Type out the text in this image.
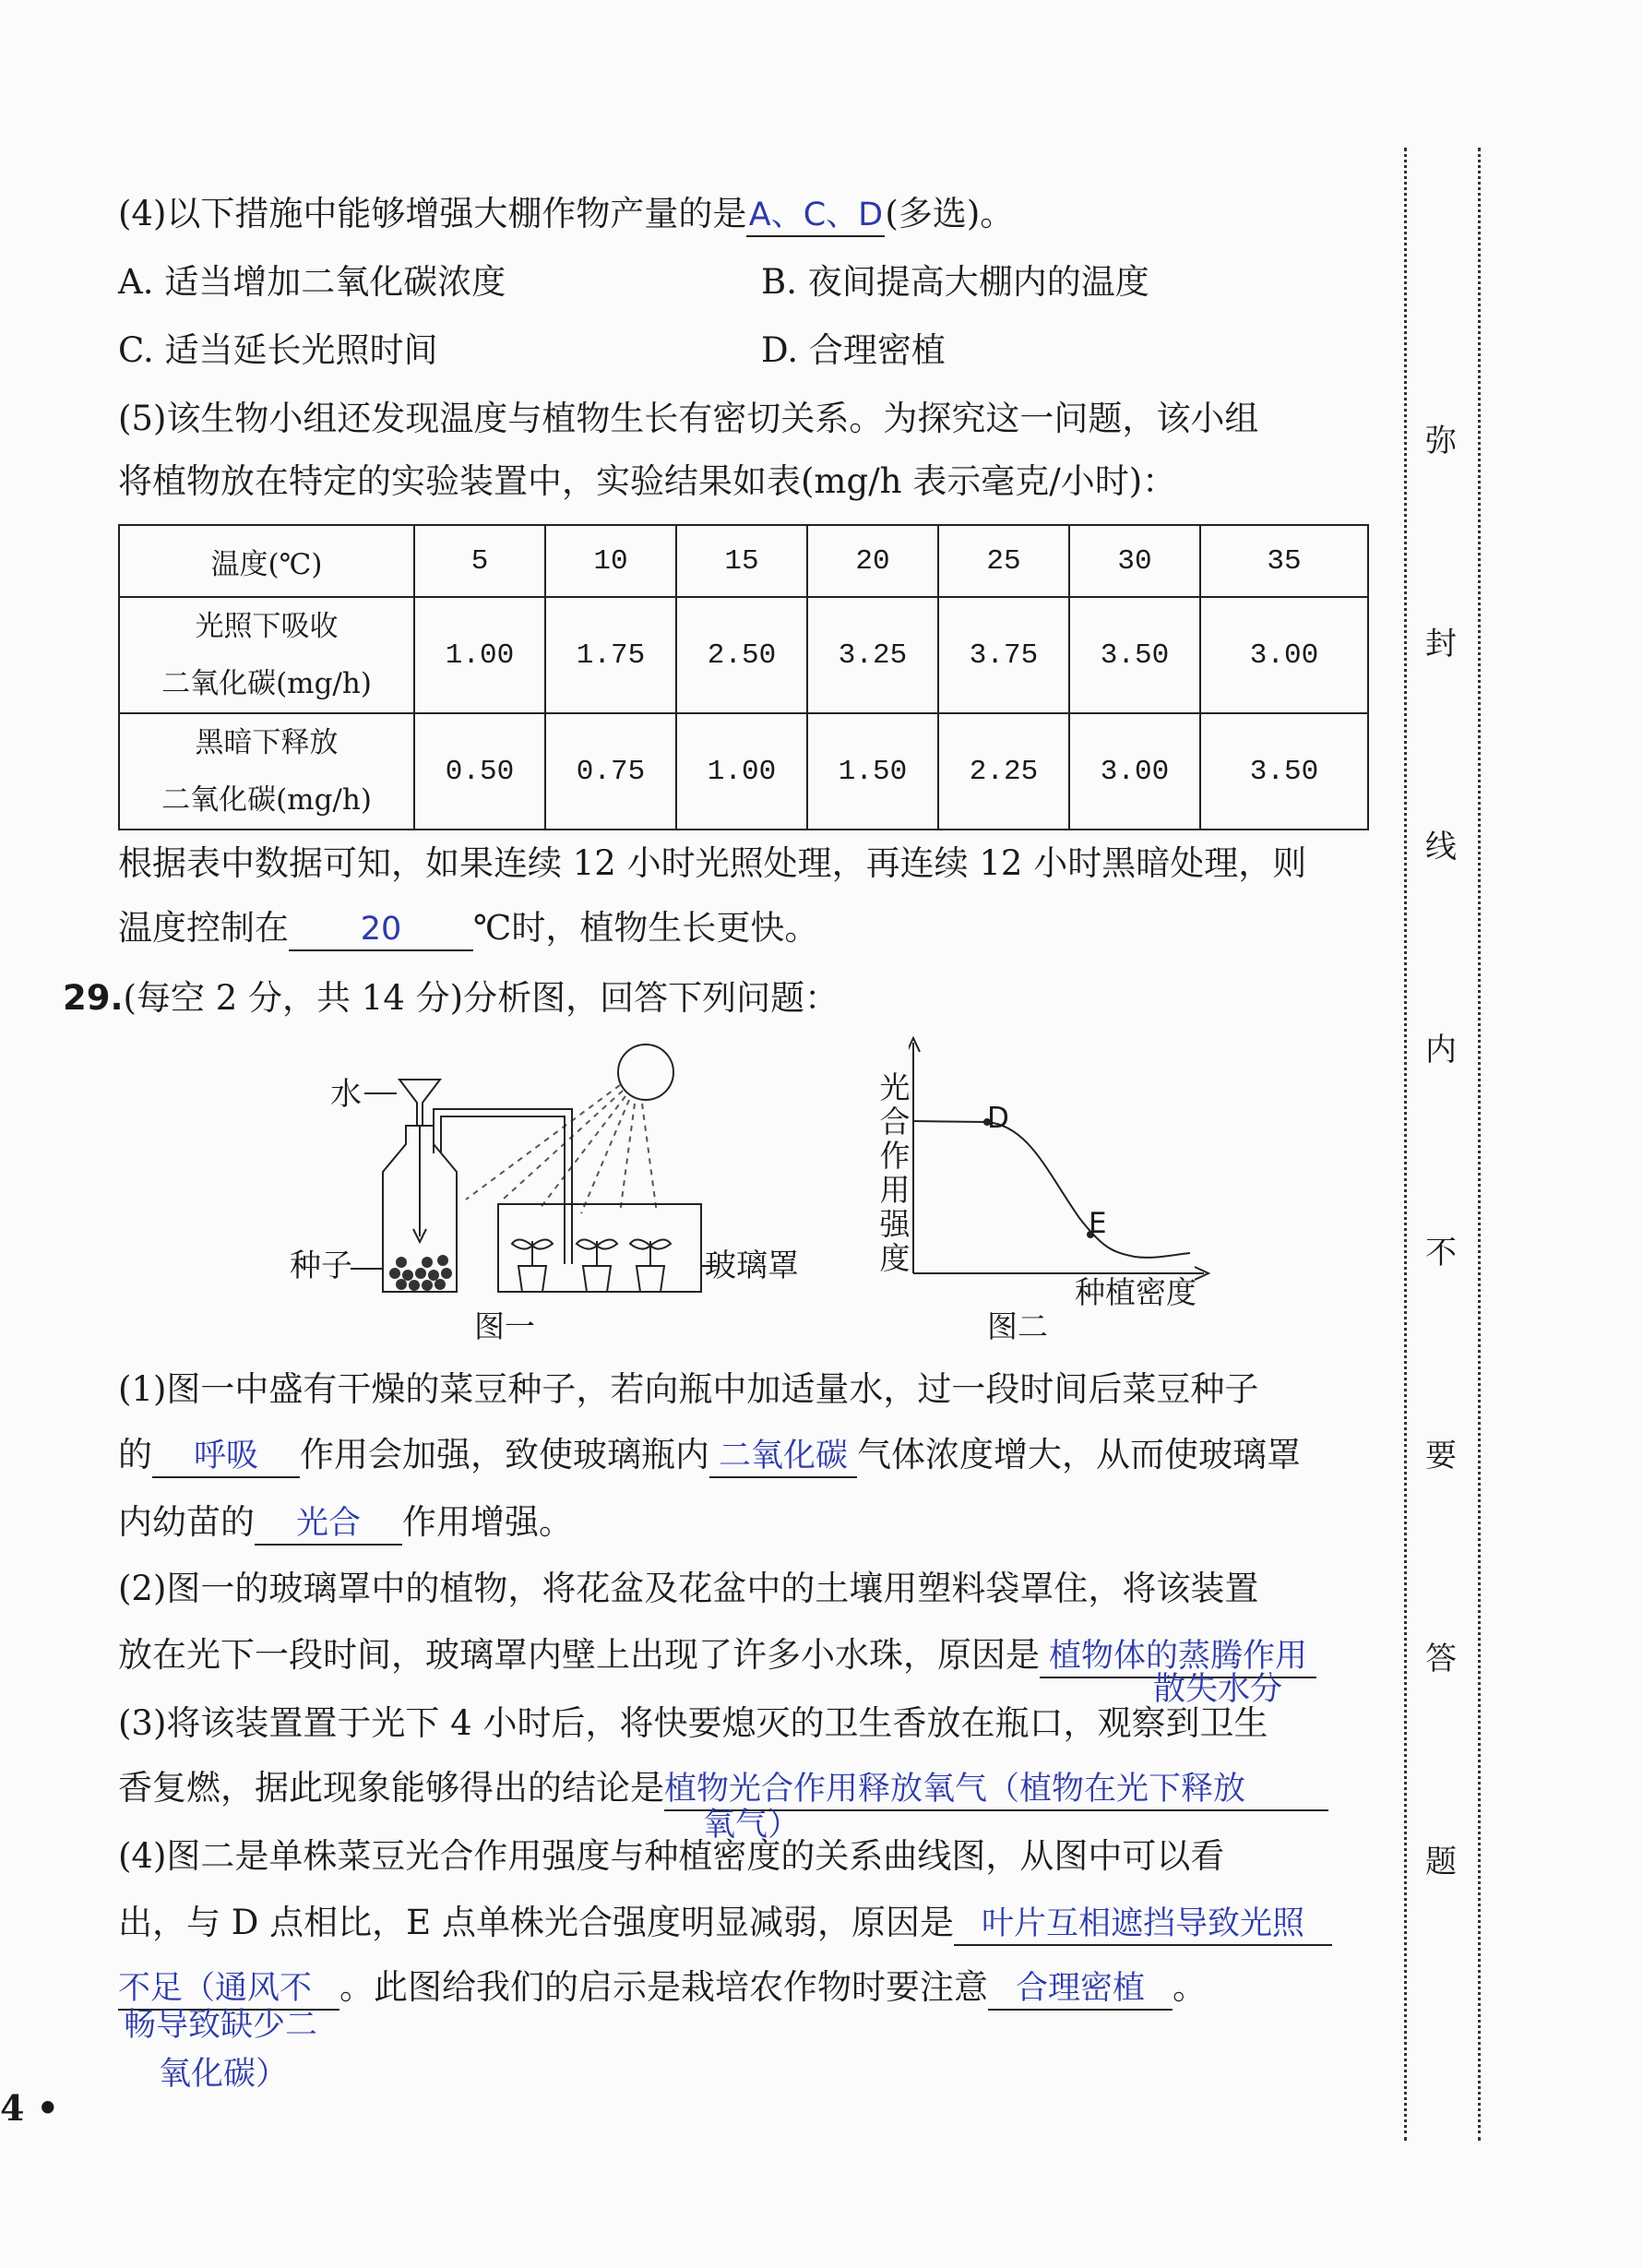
(4)以下措施中能够增强大棚作物产量的是A、C、D(多选)。
A. 适当增加二氧化碳浓度	B. 夜间提高大棚内的温度
C. 适当延长光照时间	D. 合理密植
(5)该生物小组还发现温度与植物生长有密切关系。为探究这一问题，该小组
将植物放在特定的实验装置中，实验结果如表(mg/h 表示毫克/小时)：
温度(℃)	5	10	15	20	25	30	35
光照下吸收
二氧化碳(mg/h)	1.00	1.75	2.50	3.25	3.75	3.50	3.00
黑暗下释放
二氧化碳(mg/h)	0.50	0.75	1.00	1.50	2.25	3.00	3.50
根据表中数据可知，如果连续 12 小时光照处理，再连续 12 小时黑暗处理，则
温度控制在 20 ℃时，植物生长更快。
29.(每空 2 分，共 14 分)分析图，回答下列问题：
水
种子	玻璃罩
图一
光
合
作
用
强
度
D
E
种植密度
图二
(1)图一中盛有干燥的菜豆种子，若向瓶中加适量水，过一段时间后菜豆种子
的 呼吸 作用会加强，致使玻璃瓶内 二氧化碳 气体浓度增大，从而使玻璃罩
内幼苗的 光合 作用增强。
(2)图一的玻璃罩中的植物，将花盆及花盆中的土壤用塑料袋罩住，将该装置
放在光下一段时间，玻璃罩内壁上出现了许多小水珠，原因是 植物体的蒸腾作用
散失水分
(3)将该装置置于光下 4 小时后，将快要熄灭的卫生香放在瓶口，观察到卫生
香复燃，据此现象能够得出的结论是植物光合作用释放氧气（植物在光下释放
氧气）
(4)图二是单株菜豆光合作用强度与种植密度的关系曲线图，从图中可以看
出，与 D 点相比，E 点单株光合强度明显减弱，原因是 叶片互相遮挡导致光照
不足（通风不 。此图给我们的启示是栽培农作物时要注意 合理密植 。
畅导致缺少二
氧化碳）
4 •
弥
封
线
内
不
要
答
题
